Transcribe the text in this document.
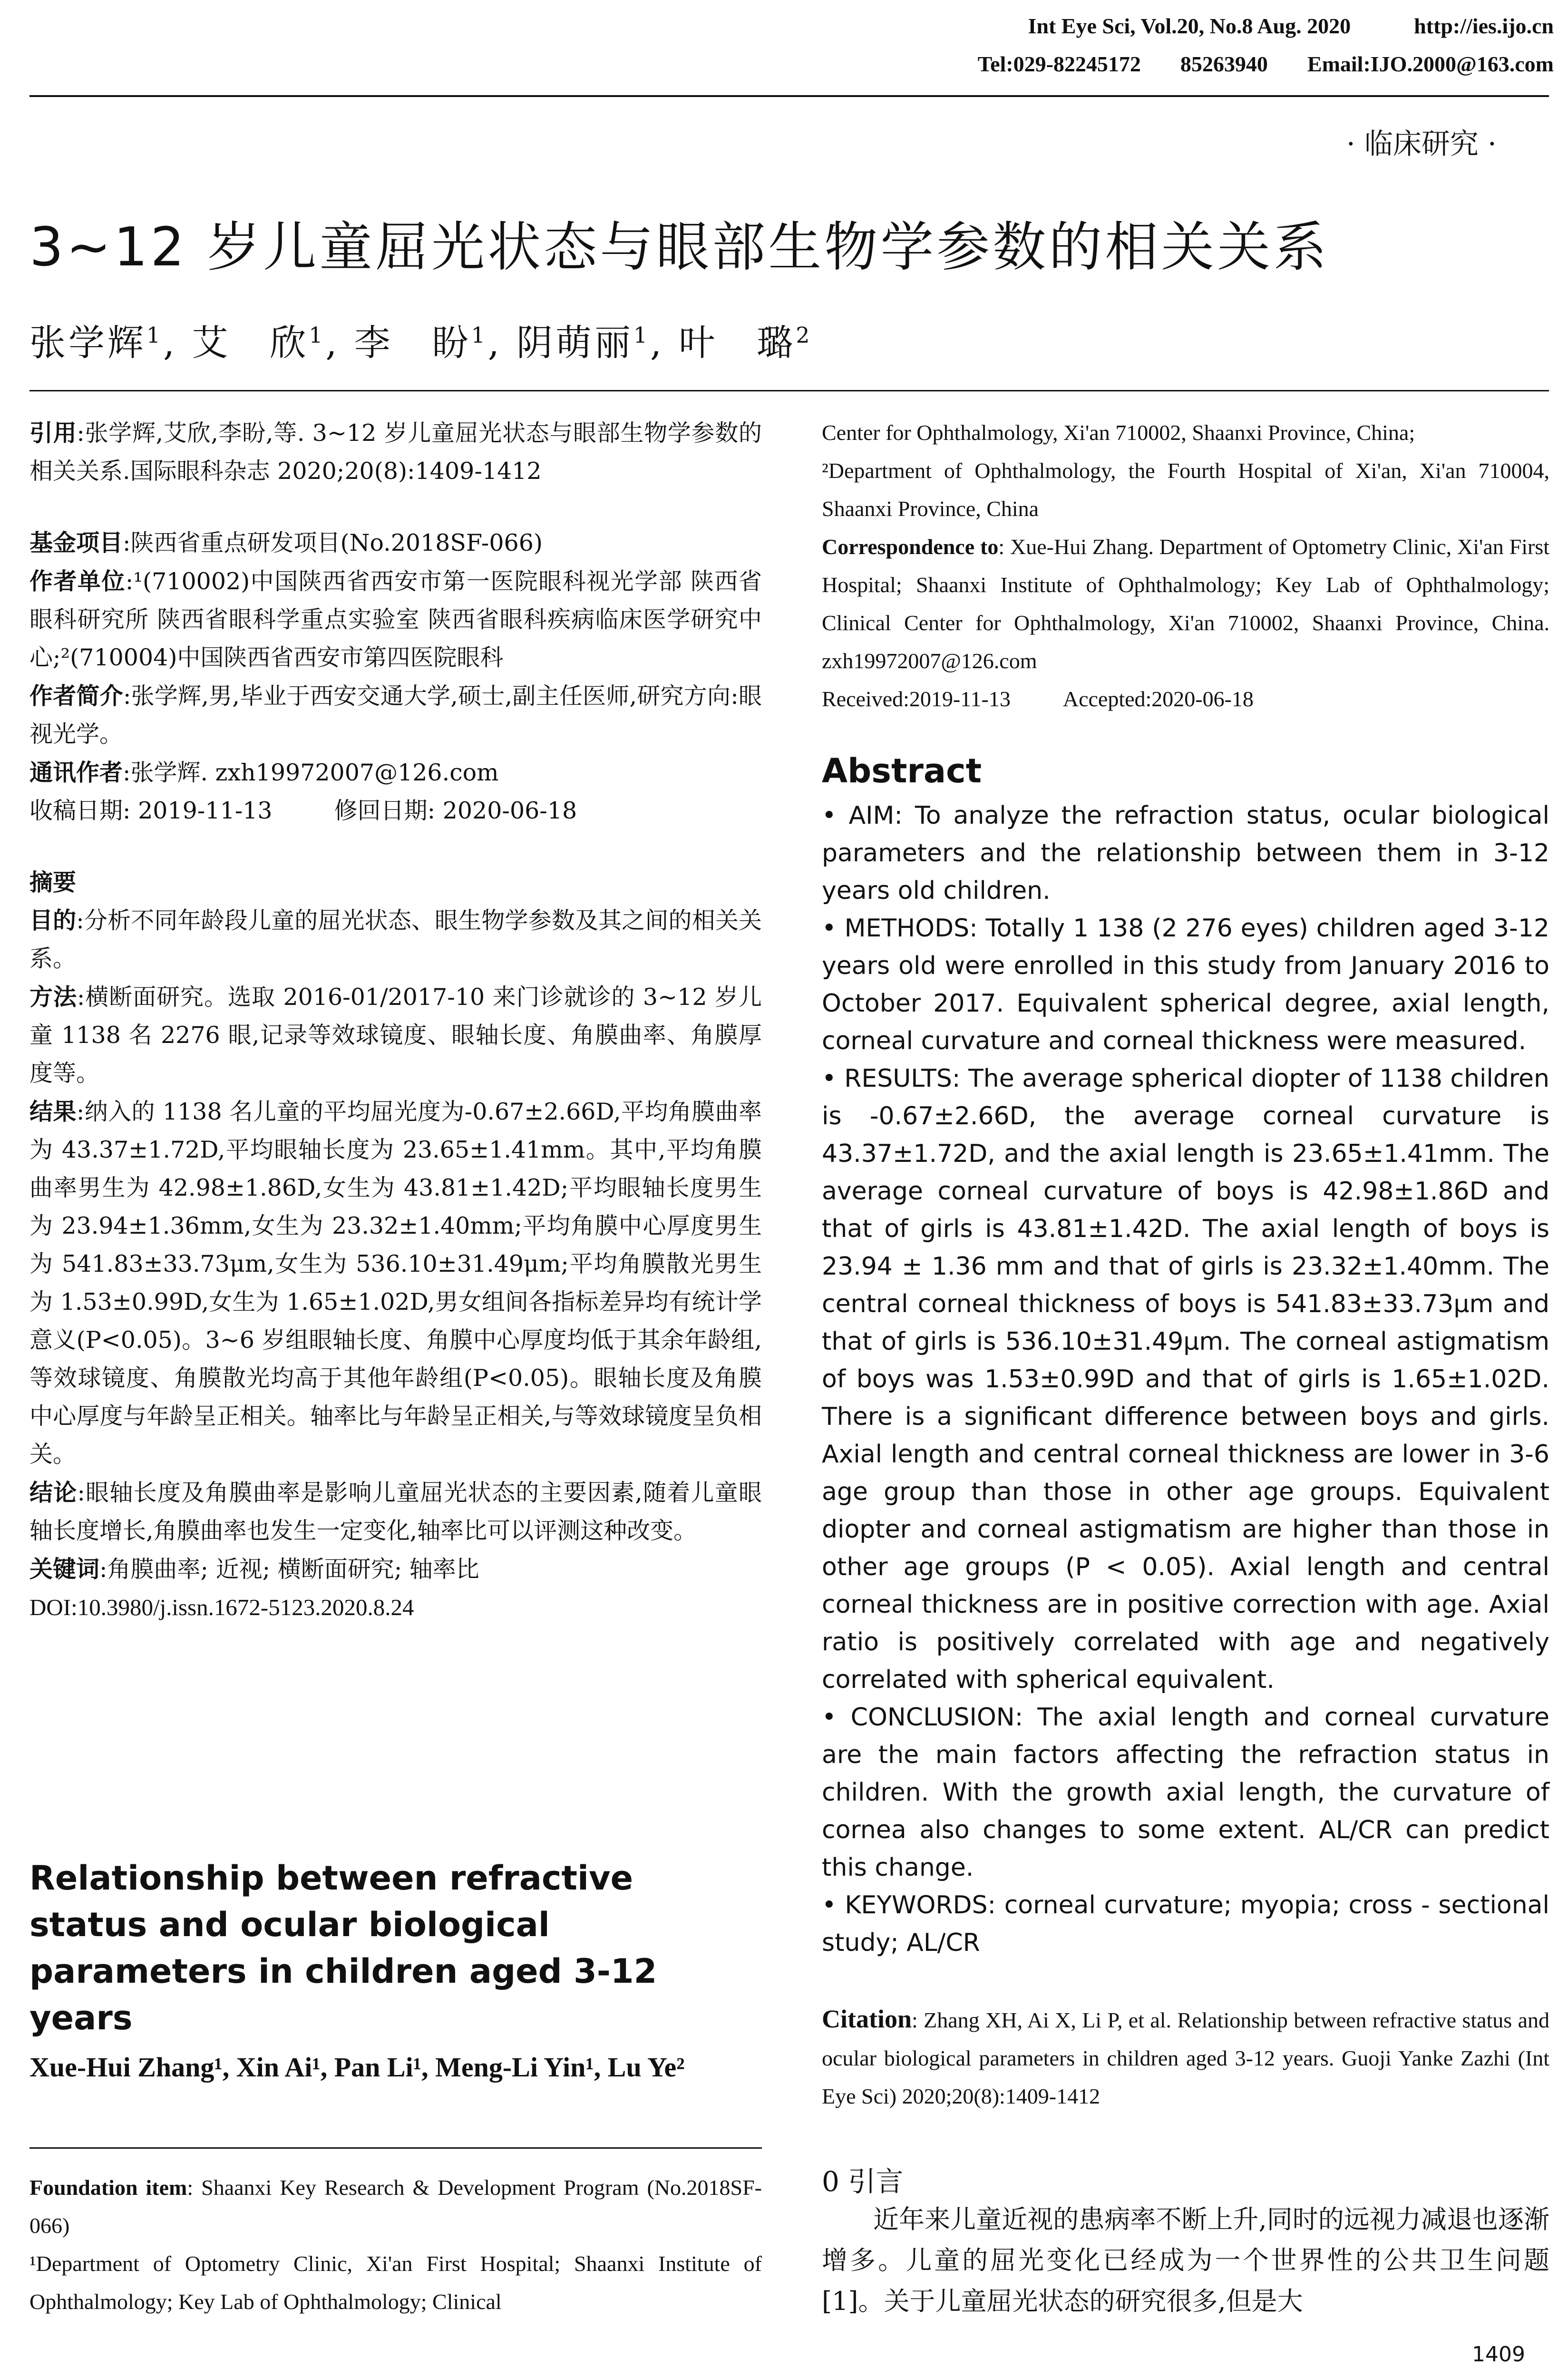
Int Eye Sci, Vol.20, No.8 Aug. 2020	http://ies.ijo.cn
Tel:029-82245172 85263940 Email:IJO.2000@163.com
· 临床研究 ·
3~12 岁儿童屈光状态与眼部生物学参数的相关关系
张学辉$^1$, 艾　欣$^1$, 李　盼$^1$, 阴萌丽$^1$, 叶　璐$^2$

引用:张学辉,艾欣,李盼,等. 3~12 岁儿童屈光状态与眼部生物学参数的相关关系.国际眼科杂志 2020;20(8):1409-1412

基金项目:陕西省重点研发项目(No.2018SF-066)

作者单位:¹(710002)中国陕西省西安市第一医院眼科视光学部 陕西省眼科研究所 陕西省眼科学重点实验室 陕西省眼科疾病临床医学研究中心;²(710004)中国陕西省西安市第四医院眼科

作者简介:张学辉,男,毕业于西安交通大学,硕士,副主任医师,研究方向:眼视光学。

通讯作者:张学辉. zxh19972007@126.com

收稿日期: 2019-11-13	修回日期: 2020-06-18

摘要

目的:分析不同年龄段儿童的屈光状态、眼生物学参数及其之间的相关关系。

方法:横断面研究。选取 2016-01/2017-10 来门诊就诊的 3~12 岁儿童 1138 名 2276 眼,记录等效球镜度、眼轴长度、角膜曲率、角膜厚度等。

结果:纳入的 1138 名儿童的平均屈光度为-0.67±2.66D,平均角膜曲率为 43.37±1.72D,平均眼轴长度为 23.65±1.41mm。其中,平均角膜曲率男生为 42.98±1.86D,女生为 43.81±1.42D;平均眼轴长度男生为 23.94±1.36mm,女生为 23.32±1.40mm;平均角膜中心厚度男生为 541.83±33.73μm,女生为 536.10±31.49μm;平均角膜散光男生为 1.53±0.99D,女生为 1.65±1.02D,男女组间各指标差异均有统计学意义(P<0.05)。3~6 岁组眼轴长度、角膜中心厚度均低于其余年龄组,等效球镜度、角膜散光均高于其他年龄组(P<0.05)。眼轴长度及角膜中心厚度与年龄呈正相关。轴率比与年龄呈正相关,与等效球镜度呈负相关。

结论:眼轴长度及角膜曲率是影响儿童屈光状态的主要因素,随着儿童眼轴长度增长,角膜曲率也发生一定变化,轴率比可以评测这种改变。

关键词:角膜曲率; 近视; 横断面研究; 轴率比

DOI:10.3980/j.issn.1672-5123.2020.8.24

Relationship between refractive status and ocular biological parameters in children aged 3-12 years
Xue-Hui Zhang¹, Xin Ai¹, Pan Li¹, Meng-Li Yin¹, Lu Ye²

Foundation item: Shaanxi Key Research & Development Program (No.2018SF-066)

¹Department of Optometry Clinic, Xi'an First Hospital; Shaanxi Institute of Ophthalmology; Key Lab of Ophthalmology; Clinical

Center for Ophthalmology, Xi'an 710002, Shaanxi Province, China;

²Department of Ophthalmology, the Fourth Hospital of Xi'an, Xi'an 710004, Shaanxi Province, China

Correspondence to: Xue-Hui Zhang. Department of Optometry Clinic, Xi'an First Hospital; Shaanxi Institute of Ophthalmology; Key Lab of Ophthalmology; Clinical Center for Ophthalmology, Xi'an 710002, Shaanxi Province, China. zxh19972007@126.com

Received:2019-11-13 Accepted:2020-06-18

Abstract

• AIM: To analyze the refraction status, ocular biological parameters and the relationship between them in 3-12 years old children.

• METHODS: Totally 1 138 (2 276 eyes) children aged 3-12 years old were enrolled in this study from January 2016 to October 2017. Equivalent spherical degree, axial length, corneal curvature and corneal thickness were measured.

• RESULTS: The average spherical diopter of 1138 children is -0.67±2.66D, the average corneal curvature is 43.37±1.72D, and the axial length is 23.65±1.41mm. The average corneal curvature of boys is 42.98±1.86D and that of girls is 43.81±1.42D. The axial length of boys is 23.94 ± 1.36 mm and that of girls is 23.32±1.40mm. The central corneal thickness of boys is 541.83±33.73μm and that of girls is 536.10±31.49μm. The corneal astigmatism of boys was 1.53±0.99D and that of girls is 1.65±1.02D. There is a significant difference between boys and girls. Axial length and central corneal thickness are lower in 3-6 age group than those in other age groups. Equivalent diopter and corneal astigmatism are higher than those in other age groups (P < 0.05). Axial length and central corneal thickness are in positive correction with age. Axial ratio is positively correlated with age and negatively correlated with spherical equivalent.

• CONCLUSION: The axial length and corneal curvature are the main factors affecting the refraction status in children. With the growth axial length, the curvature of cornea also changes to some extent. AL/CR can predict this change.

• KEYWORDS: corneal curvature; myopia; cross - sectional study; AL/CR

Citation: Zhang XH, Ai X, Li P, et al. Relationship between refractive status and ocular biological parameters in children aged 3-12 years. Guoji Yanke Zazhi (Int Eye Sci) 2020;20(8):1409-1412

0 引言

　　近年来儿童近视的患病率不断上升,同时的远视力减退也逐渐增多。儿童的屈光变化已经成为一个世界性的公共卫生问题[1]。关于儿童屈光状态的研究很多,但是大

1409
